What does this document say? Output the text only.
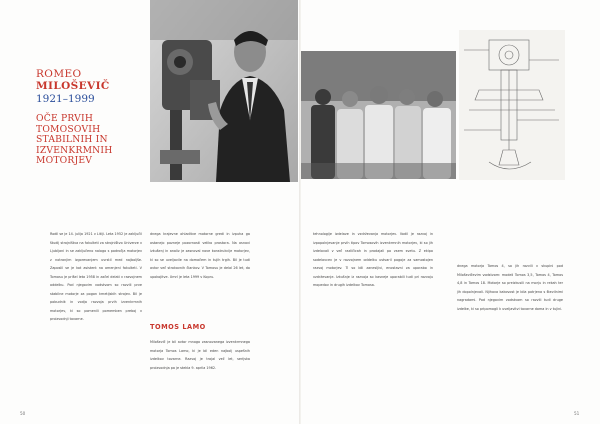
ROMEO
MILOŠEVIČ
1921–1999
OČE PRVIH
TOMOSOVIH
STABILNIH IN
IZVENKRMNIH
MOTORJEV
Rodil se je 14. julija 1921 v Litiji. Leta 1952 je zaključil študij strojništva na fakulteti za strojništvo Univerze v Ljubljani in se zaključeno nalogo s področja motorjev z notranjim izgorevanjem uvrstil med najboljše. Zaposlil se je kot asistent na omenjeni fakulteti. V Tomosu je prišel leta 1958 in začel delati v razvojnem oddelku. Pod njegovim vodstvom so razvili prve stabilne motorje za pogon kmetijskih strojev. Bil je pobudnik in vodja razvoja prvih izvenkrmnih motorjev, ki so pomenili pomemben preboj v proizvodnji tovarne.
dnega krajevne ohladitve motorne gredi in izpuha ga ostanejo pozneje pozornosti veliko prostora. Na osnovi izkušenj in analiz je zasnoval nove konstrukcije motorjev, ki so se uveljavile na domačem in tujih trgih. Bil je tudi avtor več strokovnih člankov. V Tomosu je delal 26 let, do upokojitve. Umrl je leta 1999 v Kopru.
TOMOS LAMO
Miloševič je bil avtor mnogo zasnovanega izvenkrmnega motorja Tomos Lamo, ki je bil eden najbolj uspešnih izdelkov tovarne. Razvoj je trajal več let, serijska proizvodnja pa je stekla 9. aprila 1962.
tehnologije izdelave in vzdrževanja motorjev. Vodil je razvoj in izpopolnjevanje prvih tipov Tomosovih izvenkrmnih motorjev, ki so jih izdelovali v več različicah in prodajali po vsem svetu. Z ekipo sodelavcev je v razvojnem oddelku ustvaril pogoje za samostojen razvoj motorjev. Ti so bili zanesljivi, enostavni za uporabo in vzdrževanje. Izkušnje iz razvoja so kasneje uporabili tudi pri razvoju mopedov in drugih izdelkov Tomosa.
dnega motorja Tomos 4, so jih razvili v skupini pod Miloševičevim vodstvom: modeli Tomos 3,5, Tomos 4, Tomos 4,8 in Tomos 18. Motorje so preizkusili na morju in rekah ter jih dopolnjevali. Njihova kakovost je bila potrjena s številnimi nagradami. Pod njegovim vodstvom so razvili tudi druge izdelke, ki so pripomogli k uveljavitvi tovarne doma in v tujini.
50	51
